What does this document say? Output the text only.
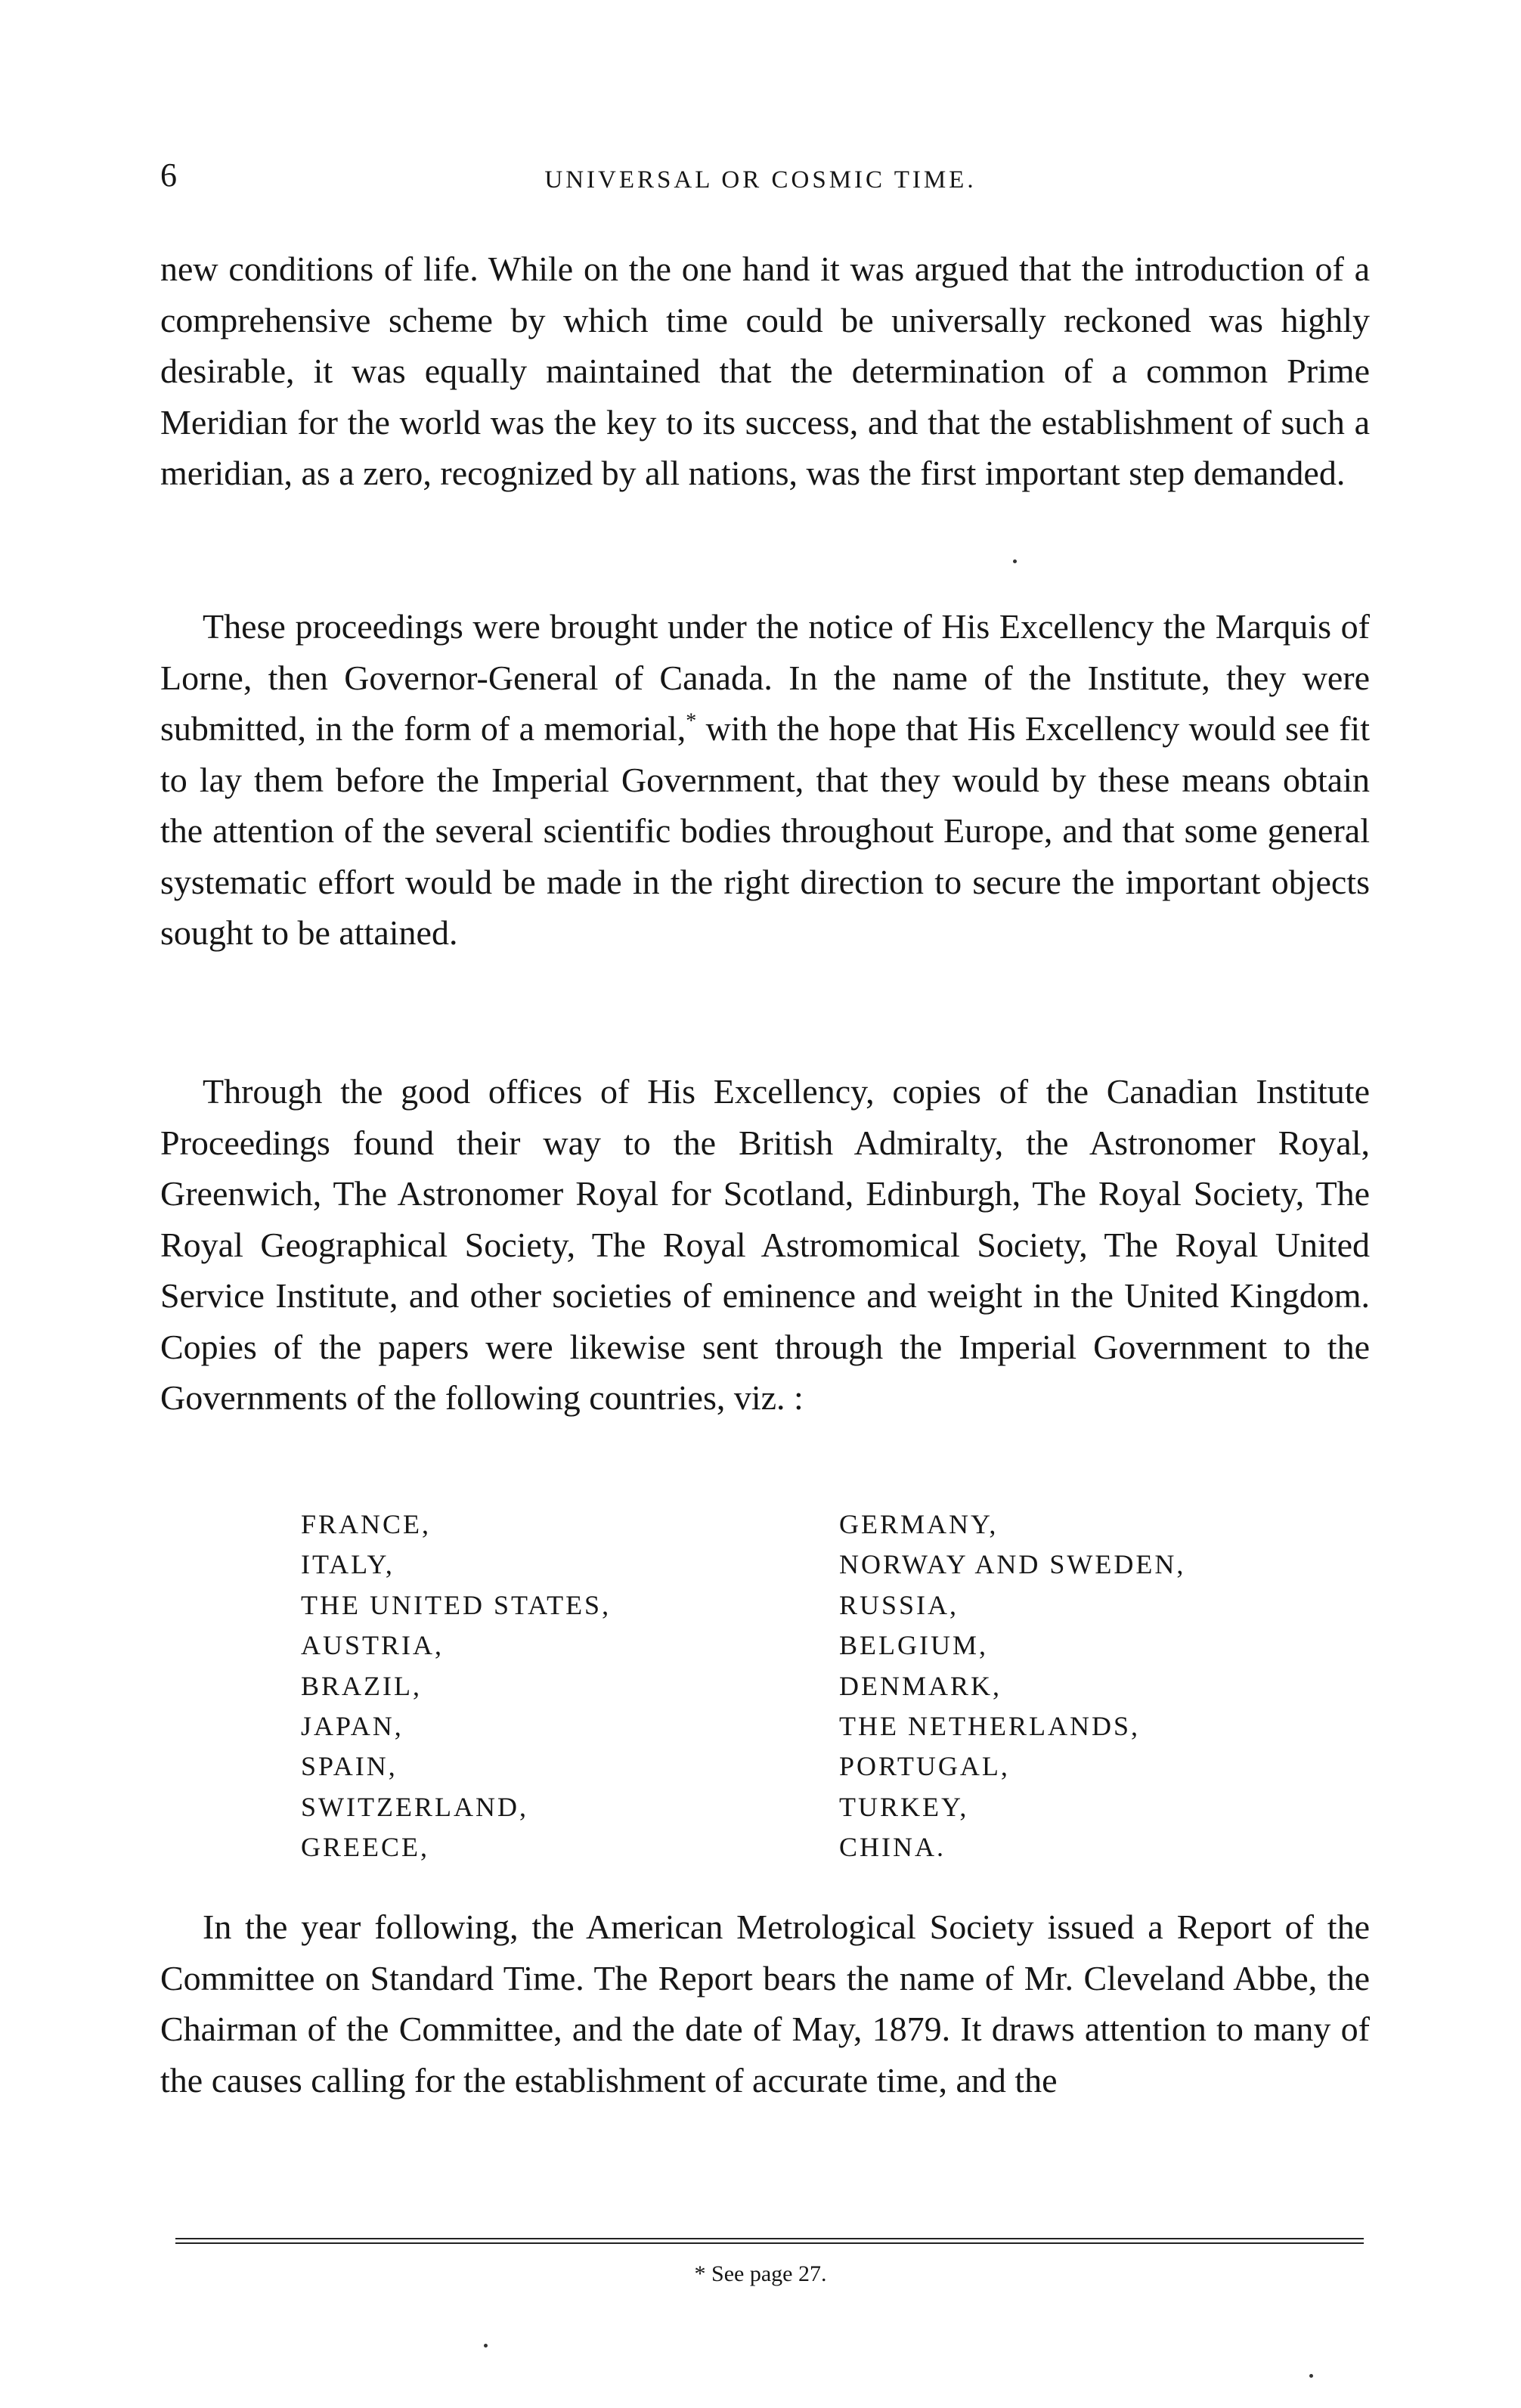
6	UNIVERSAL OR COSMIC TIME.

new conditions of life. While on the one hand it was argued that the introduction of a comprehensive scheme by which time could be universally reckoned was highly desirable, it was equally maintained that the determination of a common Prime Meridian for the world was the key to its success, and that the establishment of such a meridian, as a zero, recognized by all nations, was the first important step demanded.

These proceedings were brought under the notice of His Excellency the Marquis of Lorne, then Governor-General of Canada. In the name of the Institute, they were submitted, in the form of a memorial,* with the hope that His Excellency would see fit to lay them before the Imperial Government, that they would by these means obtain the attention of the several scientific bodies throughout Europe, and that some general systematic effort would be made in the right direction to secure the important objects sought to be attained.

Through the good offices of His Excellency, copies of the Canadian Institute Proceedings found their way to the British Admiralty, the Astronomer Royal, Greenwich, The Astronomer Royal for Scotland, Edinburgh, The Royal Society, The Royal Geographical Society, The Royal Astromomical Society, The Royal United Service Institute, and other societies of eminence and weight in the United Kingdom. Copies of the papers were likewise sent through the Imperial Government to the Governments of the following countries, viz. :

FRANCE,
ITALY,
THE UNITED STATES,
AUSTRIA,
BRAZIL,
JAPAN,
SPAIN,
SWITZERLAND,
GREECE,
GERMANY,
NORWAY AND SWEDEN,
RUSSIA,
BELGIUM,
DENMARK,
THE NETHERLANDS,
PORTUGAL,
TURKEY,
CHINA.

In the year following, the American Metrological Society issued a Report of the Committee on Standard Time. The Report bears the name of Mr. Cleveland Abbe, the Chairman of the Committee, and the date of May, 1879. It draws attention to many of the causes calling for the establishment of accurate time, and the

* See page 27.
